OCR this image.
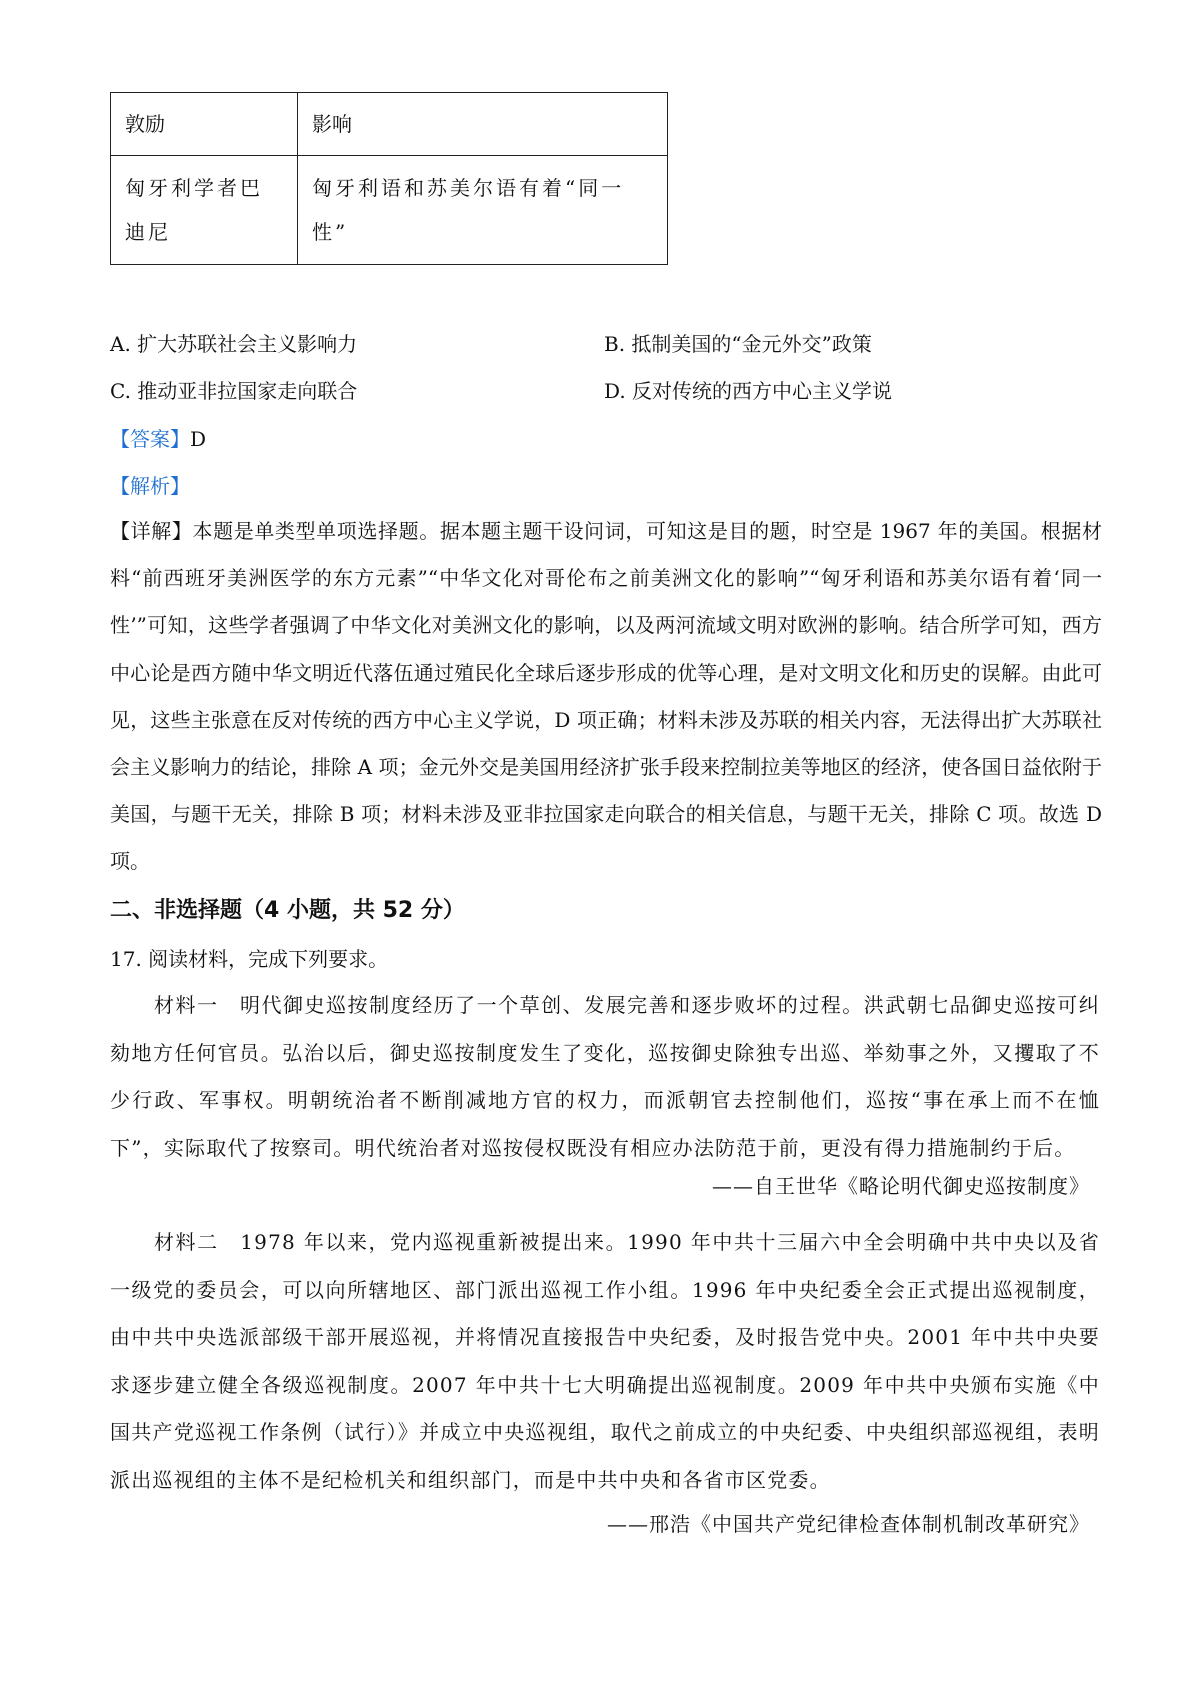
敦励	影响
匈牙利学者巴迪尼	匈牙利语和苏美尔语有着“同一性”
A. 扩大苏联社会主义影响力	B. 抵制美国的“金元外交”政策
C. 推动亚非拉国家走向联合	D. 反对传统的西方中心主义学说
【答案】D
【解析】
【详解】本题是单类型单项选择题。据本题主题干设问词，可知这是目的题，时空是 1967 年的美国。根据材料“前西班牙美洲医学的东方元素”“中华文化对哥伦布之前美洲文化的影响”“匈牙利语和苏美尔语有着‘同一性’”可知，这些学者强调了中华文化对美洲文化的影响，以及两河流域文明对欧洲的影响。结合所学可知，西方中心论是西方随中华文明近代落伍通过殖民化全球后逐步形成的优等心理，是对文明文化和历史的误解。由此可见，这些主张意在反对传统的西方中心主义学说，D 项正确；材料未涉及苏联的相关内容，无法得出扩大苏联社会主义影响力的结论，排除 A 项；金元外交是美国用经济扩张手段来控制拉美等地区的经济，使各国日益依附于美国，与题干无关，排除 B 项；材料未涉及亚非拉国家走向联合的相关信息，与题干无关，排除 C 项。故选 D 项。
二、非选择题（4 小题，共 52 分）
17. 阅读材料，完成下列要求。
材料一　明代御史巡按制度经历了一个草创、发展完善和逐步败坏的过程。洪武朝七品御史巡按可纠劾地方任何官员。弘治以后，御史巡按制度发生了变化，巡按御史除独专出巡、举劾事之外，又攫取了不少行政、军事权。明朝统治者不断削减地方官的权力，而派朝官去控制他们，巡按“事在承上而不在恤下”，实际取代了按察司。明代统治者对巡按侵权既没有相应办法防范于前，更没有得力措施制约于后。
——自王世华《略论明代御史巡按制度》
材料二　1978 年以来，党内巡视重新被提出来。1990 年中共十三届六中全会明确中共中央以及省一级党的委员会，可以向所辖地区、部门派出巡视工作小组。1996 年中央纪委全会正式提出巡视制度，由中共中央选派部级干部开展巡视，并将情况直接报告中央纪委，及时报告党中央。2001 年中共中央要求逐步建立健全各级巡视制度。2007 年中共十七大明确提出巡视制度。2009 年中共中央颁布实施《中国共产党巡视工作条例（试行）》并成立中央巡视组，取代之前成立的中央纪委、中央组织部巡视组，表明派出巡视组的主体不是纪检机关和组织部门，而是中共中央和各省市区党委。
——邢浩《中国共产党纪律检查体制机制改革研究》
